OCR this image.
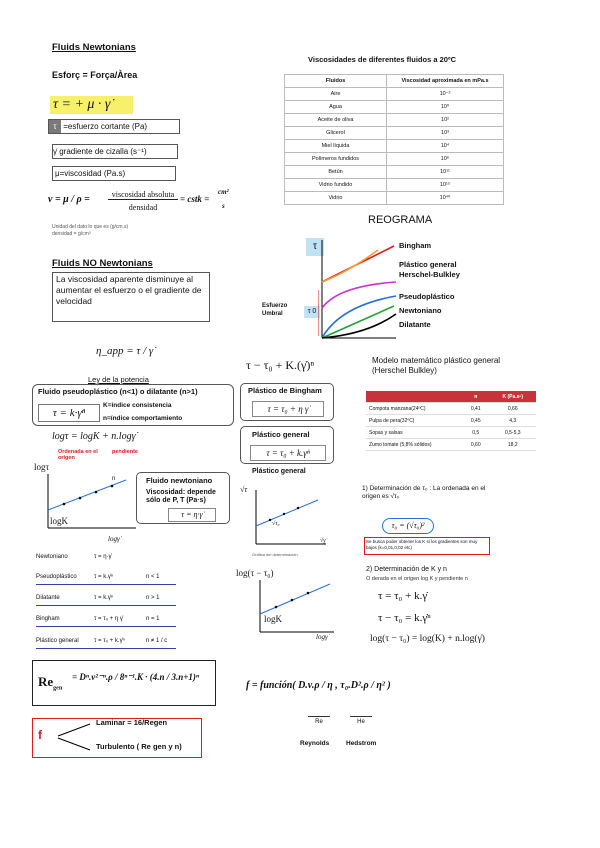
Fluids Newtonians
Esforç = Força/Àrea
τ = + μ · γ̇
τ =esfuerzo cortante (Pa)
γ̇ gradiente de cizalla (s⁻¹)
μ=viscosidad (Pa.s)
ν = μ / ρ =	viscosidad absoluta
densidad
= cstk =
cm²
s
Unidad del dato lo que es (g/cm.s)
densidad = g/cm³
Viscosidades de diferentes fluidos a 20ºC
Fluidos	Viscosidad aproximada en mPa.s
Aire	10⁻²
Agua	10⁰
Aceite de oliva	10²
Glicerol	10³
Miel líquida	10⁴
Polímeros fundidos	10⁶
Betún	10¹¹
Vidrio fundido	10¹⁵
Vidrio	10⁴⁰
REOGRAMA
τ
Esfuerzo
Umbral	τ 0
Bingham
Plástico general
Herschel-Bulkley
Pseudoplástico
Newtoniano
Dilatante
Fluids NO Newtonians
La viscosidad aparente disminuye al aumentar el esfuerzo o el gradiente de velocidad
η_app = τ / γ̇
Ley de la potencia
Fluido pseudoplástico (n<1) o dilatante (n>1)
τ = k·γ̇ⁿ
K=índice consistencia
n=índice comportamiento
logτ = logK + n.logγ̇
Ordenada en el origen
pendiente
logτ
n
logK
logγ̇
τ − τ₀ + K.(γ̇)ⁿ
Plástico de Bingham
τ = τ₀ + η γ̇
Plástico general
τ = τ₀ + k.γ̇ⁿ
Plástico general
Fluido newtoniano
Viscosidad: depende sólo de P, T (Pa·s)
τ = η·γ̇
√τ
√τ₀
√γ̇
Gráfica del determinación
log(τ − τ₀)
logK
logγ̇
Modelo matemático plástico general (Herschel Bulkley)
	n	K (Pa.sⁿ)
Compota manzana(24ºC)	0,41	0,66
Pulpa de pera(32ºC)	0,45	4,3
Sopas y salsas	0,5	0,5-5,3
Zumo tomate (5,8% sólidos)	0,60	18,2
1) Determinación de τ₀ : La ordenada en el origen es √τ₀
τ₀ = (√τ₀)²
Se busca poder obtener los K si los gradientes son muy bajos (k=0,01,0,02 etc)
2) Determinación de K y n
O derada en el origen log K y pendiente n
τ = τ₀ + k.γ̇
τ − τ₀ = k.γ̇ⁿ
log(τ − τ₀) = log(K) + n.log(γ̇)
Newtoniano	τ = η·γ̇
Pseudoplástico	τ = k.γ̇ⁿ	n < 1
Dilatante	τ = k.γ̇ⁿ	n > 1
Bingham	τ = τ₀ + η γ̇	n = 1
Plástico general	τ = τ₀ + k.γ̇ⁿ	n ≠ 1 / c
$Re_{gen}$
= Dⁿ.v²⁻ⁿ.ρ / 8ⁿ⁻¹.K · (4.n / 3.n+1)ⁿ
f = función( D.v.ρ / η , τ₀.D².ρ / η² )
Re	He
Reynolds	Hedstrom
f
Laminar = 16/Regen
Turbulento ( Re gen y n)
